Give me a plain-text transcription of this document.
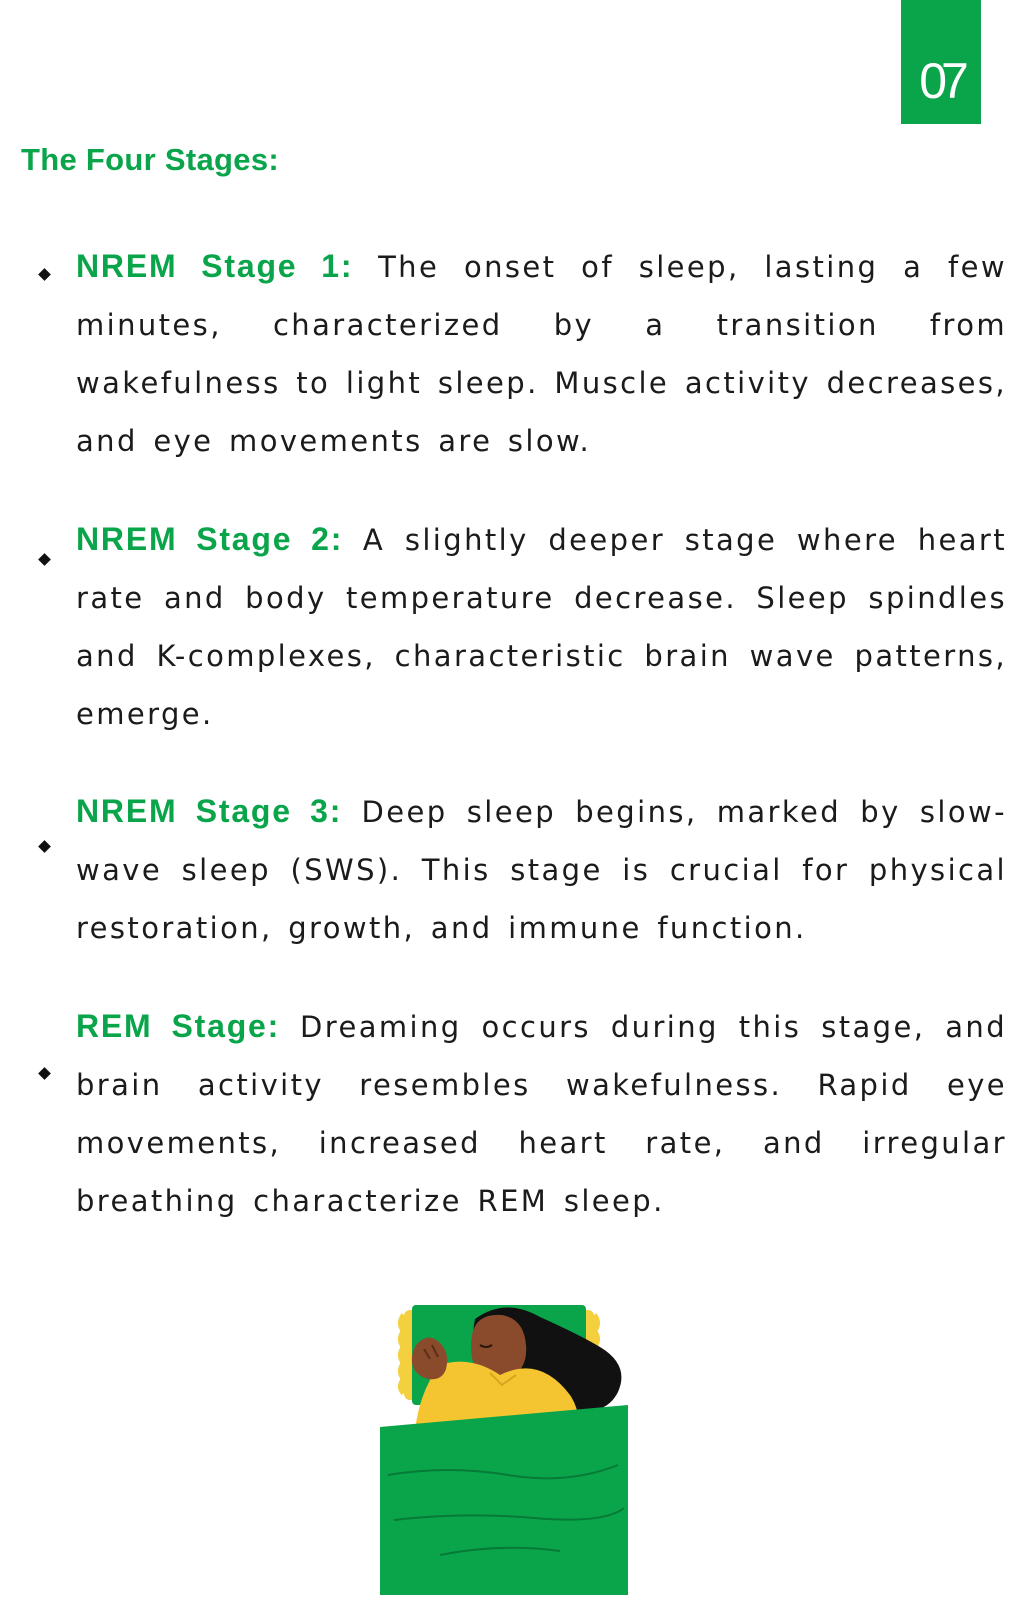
07
The Four Stages:

NREM Stage 1: The onset of sleep, lasting a few minutes, characterized by a transition from wakefulness to light sleep. Muscle activity decreases, and eye movements are slow.

NREM Stage 2: A slightly deeper stage where heart rate and body temperature decrease. Sleep spindles and K-complexes, characteristic brain wave patterns, emerge.

NREM Stage 3: Deep sleep begins, marked by slow-wave sleep (SWS). This stage is crucial for physical restoration, growth, and immune function.

REM Stage: Dreaming occurs during this stage, and brain activity resembles wakefulness. Rapid eye movements, increased heart rate, and irregular breathing characterize REM sleep.
